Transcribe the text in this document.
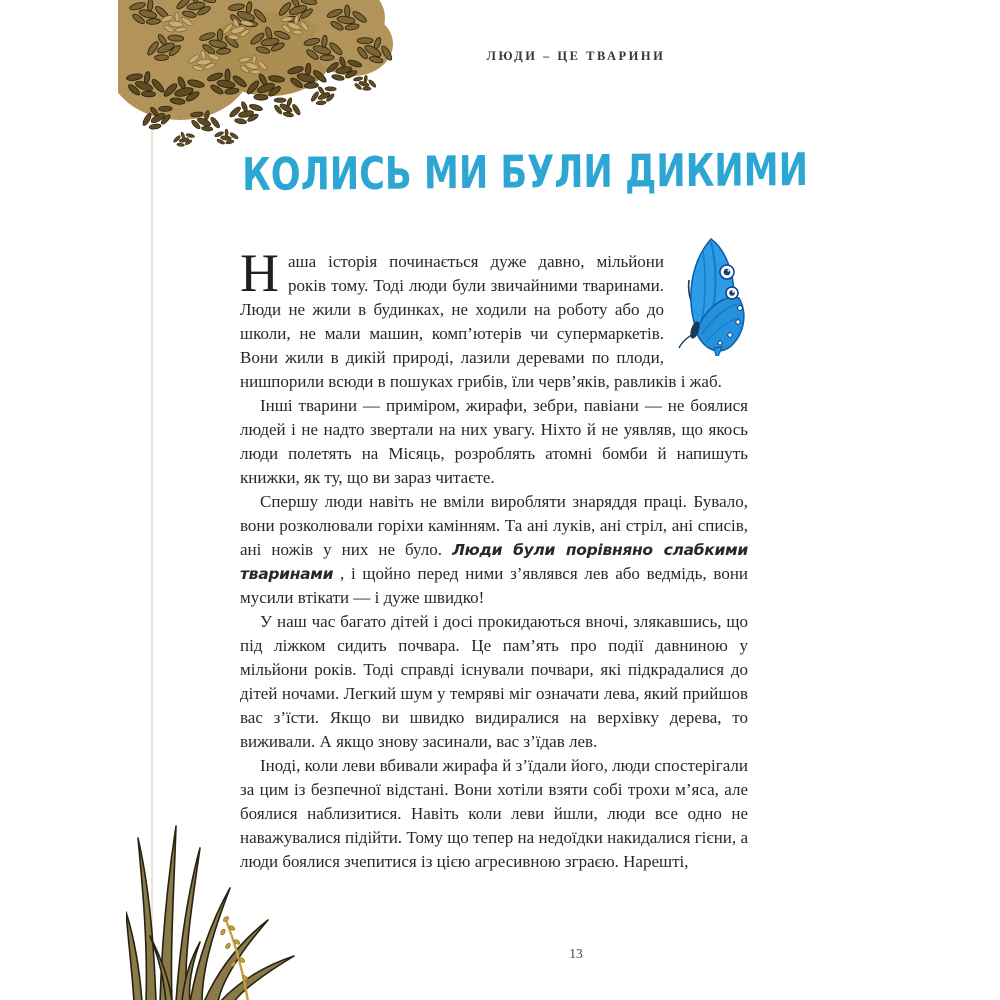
ЛЮДИ – ЦЕ ТВАРИНИ
КОЛИСЬ МИ БУЛИ ДИКИМИ

Н аша історія починається дуже давно, мільйони років тому. Тоді люди були звичайними тваринами. Люди не жили в будинках, не ходили на роботу або до школи, не мали машин, комп’ютерів чи супермаркетів. Вони жили в дикій природі, лазили деревами по плоди, нишпорили всюди в пошуках грибів, їли черв’яків, равликів і жаб.

Інші тварини — приміром, жирафи, зебри, павіани — не боялися людей і не надто звертали на них увагу. Ніхто й не уявляв, що якось люди полетять на Місяць, розроблять атомні бомби й напишуть книжки, як ту, що ви зараз читаєте.

Спершу люди навіть не вміли виробляти знаряддя праці. Бувало, вони розколювали горіхи камінням. Та ані луків, ані стріл, ані списів, ані ножів у них не було. Люди були порівняно слабкими тваринами , і щойно перед ними з’являвся лев або ведмідь, вони мусили втікати — і дуже швидко!

У наш час багато дітей і досі прокидаються вночі, злякавшись, що під ліжком сидить почвара. Це пам’ять про події давниною у мільйони років. Тоді справді існували почвари, які підкрадалися до дітей ночами. Легкий шум у темряві міг означати лева, який прийшов вас з’їсти. Якщо ви швидко видиралися на верхівку дерева, то виживали. А якщо знову засинали, вас з’їдав лев.

Іноді, коли леви вбивали жирафа й з’їдали його, люди спостерігали за цим із безпечної відстані. Вони хотіли взяти собі трохи м’яса, але боялися наблизитися. Навіть коли леви йшли, люди все одно не наважувалися підійти. Тому що тепер на недоїдки накидалися гієни, а люди боялися зчепитися із цією агресивною зграєю. Нарешті,

13
